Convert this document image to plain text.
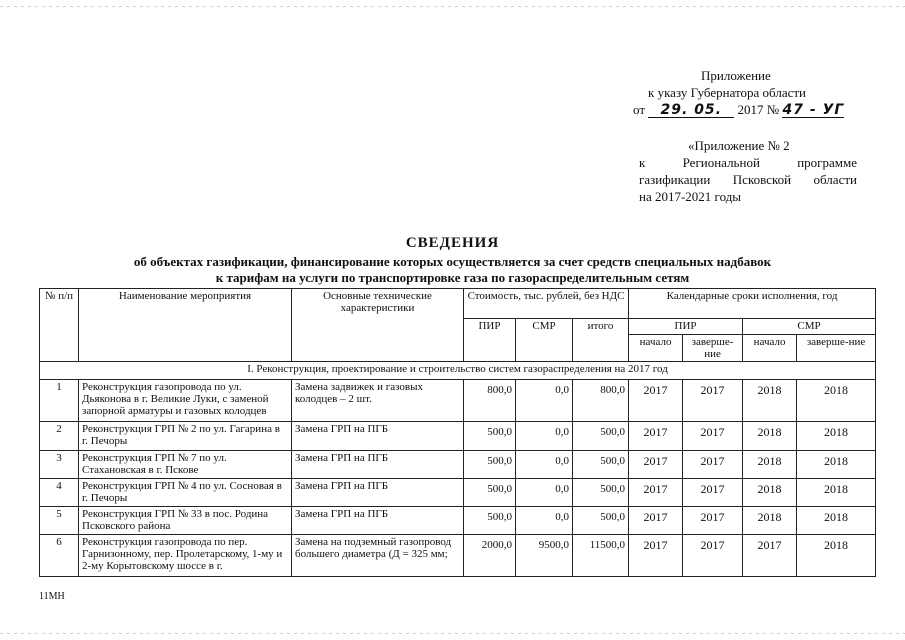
Приложение
к указу Губернатора области
от 29. 05. 2017 № 47 - УГ
«Приложение № 2
к	Региональной	программе
газификации Псковской области
на 2017-2021 годы
СВЕДЕНИЯ
об объектах газификации, финансирование которых осуществляется за счет средств специальных надбавок
к тарифам на услуги по транспортировке газа по газораспределительным сетям
№ п/п	Наименование мероприятия	Основные технические характеристики	Стоимость, тыс. рублей, без НДС			Календарные сроки исполнения, год			
			ПИР	СМР	итого	ПИР		СМР	
						начало	заверше-ние	начало	заверше-ние
I. Реконструкция, проектирование и строительство систем газораспределения на 2017 год									
1	Реконструкция газопровода по ул. Дьяконова в г. Великие Луки, с заменой запорной арматуры и газовых колодцев	Замена задвижек и газовых колодцев – 2 шт.	800,0	0,0	800,0	2017	2017	2018	2018
2	Реконструкция ГРП № 2 по ул. Гагарина в г. Печоры	Замена ГРП на ПГБ	500,0	0,0	500,0	2017	2017	2018	2018
3	Реконструкция ГРП № 7 по ул. Стахановская в г. Пскове	Замена ГРП на ПГБ	500,0	0,0	500,0	2017	2017	2018	2018
4	Реконструкция ГРП № 4 по ул. Сосновая в г. Печоры	Замена ГРП на ПГБ	500,0	0,0	500,0	2017	2017	2018	2018
5	Реконструкция ГРП № 33 в пос. Родина Псковского района	Замена ГРП на ПГБ	500,0	0,0	500,0	2017	2017	2018	2018
6	Реконструкция газопровода по пер. Гарнизонному, пер. Пролетарскому, 1-му и 2-му Корытовскому шоссе в г.	Замена на подземный газопровод большего диаметра (Д = 325 мм;	2000,0	9500,0	11500,0	2017	2017	2017	2018
11МН
